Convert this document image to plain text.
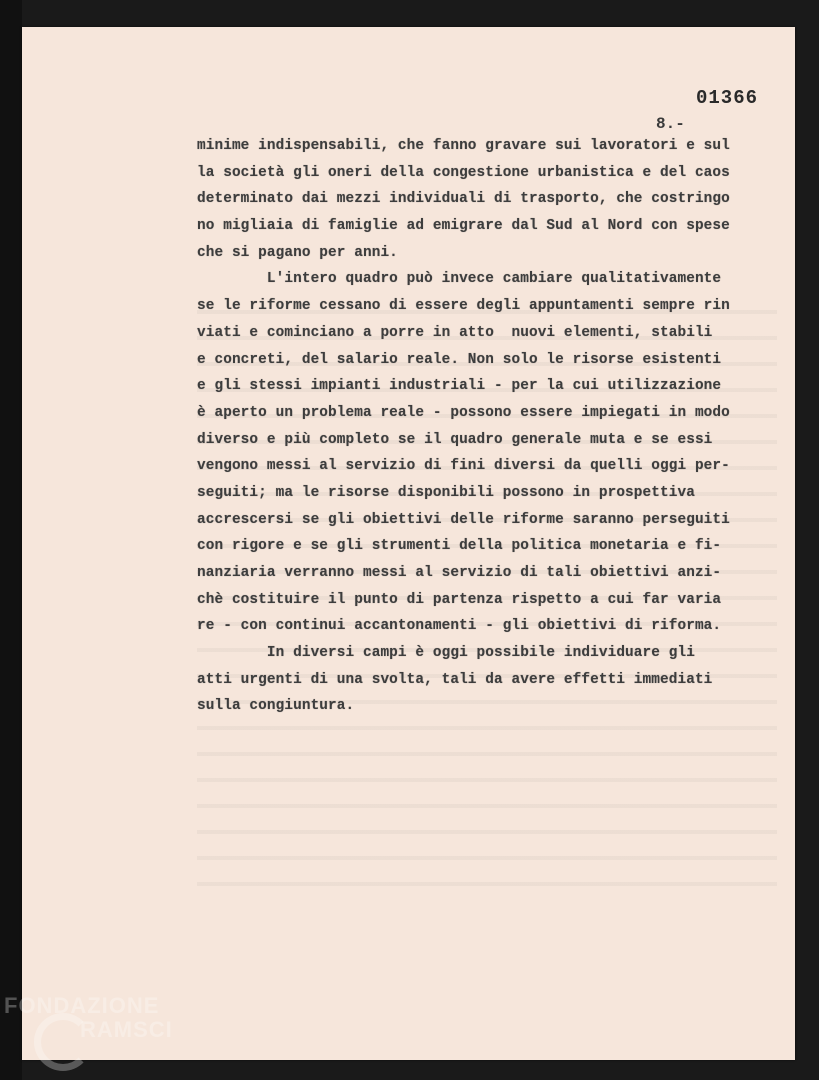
01366
8.-
minime indispensabili, che fanno gravare sui lavoratori e sul
la società gli oneri della congestione urbanistica e del caos
determinato dai mezzi individuali di trasporto, che costringo
no migliaia di famiglie ad emigrare dal Sud al Nord con spese
che si pagano per anni.
L'intero quadro può invece cambiare qualitativamente
se le riforme cessano di essere degli appuntamenti sempre rin
viati e cominciano a porre in atto  nuovi elementi, stabili
e concreti, del salario reale. Non solo le risorse esistenti
e gli stessi impianti industriali - per la cui utilizzazione
è aperto un problema reale - possono essere impiegati in modo
diverso e più completo se il quadro generale muta e se essi
vengono messi al servizio di fini diversi da quelli oggi per-
seguiti; ma le risorse disponibili possono in prospettiva
accrescersi se gli obiettivi delle riforme saranno perseguiti
con rigore e se gli strumenti della politica monetaria e fi-
nanziaria verranno messi al servizio di tali obiettivi anzi-
chè costituire il punto di partenza rispetto a cui far varia
re - con continui accantonamenti - gli obiettivi di riforma.
In diversi campi è oggi possibile individuare gli
atti urgenti di una svolta, tali da avere effetti immediati
sulla congiuntura.
FONDAZIONE
RAMSCI
